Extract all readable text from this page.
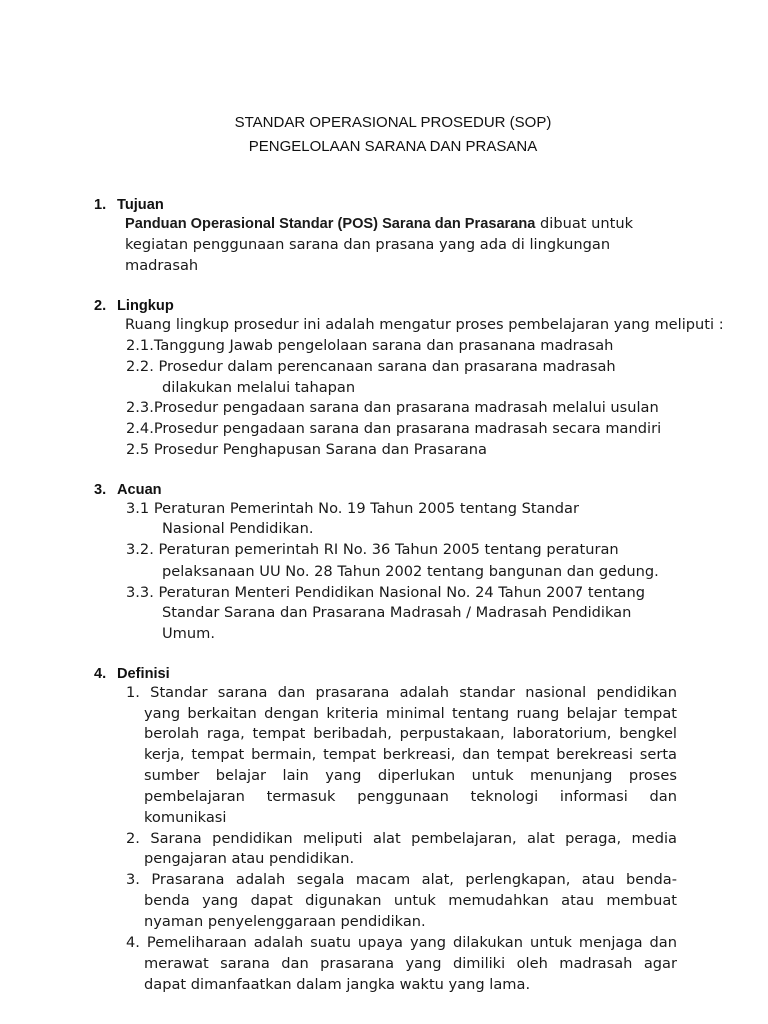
STANDAR OPERASIONAL PROSEDUR (SOP)
PENGELOLAAN SARANA DAN PRASANA
1. Tujuan
Panduan Operasional Standar (POS) Sarana dan Prasarana dibuat untuk
kegiatan penggunaan sarana dan prasana yang ada di lingkungan
madrasah
2. Lingkup
Ruang lingkup prosedur ini adalah mengatur proses pembelajaran yang meliputi :
2.1.Tanggung Jawab pengelolaan sarana dan prasanana madrasah
2.2. Prosedur dalam perencanaan sarana dan prasarana madrasah
dilakukan melalui tahapan
2.3.Prosedur pengadaan sarana dan prasarana madrasah melalui usulan
2.4.Prosedur pengadaan sarana dan prasarana madrasah secara mandiri
2.5 Prosedur Penghapusan Sarana dan Prasarana
3. Acuan
3.1 Peraturan Pemerintah No. 19 Tahun 2005 tentang Standar
Nasional Pendidikan.
3.2. Peraturan pemerintah RI No. 36 Tahun 2005 tentang peraturan
pelaksanaan UU No. 28 Tahun 2002 tentang bangunan dan gedung.
3.3. Peraturan Menteri Pendidikan Nasional No. 24 Tahun 2007 tentang
Standar Sarana dan Prasarana Madrasah / Madrasah Pendidikan
Umum.
4. Definisi
1. Standar sarana dan prasarana adalah standar nasional pendidikan
yang berkaitan dengan kriteria minimal tentang ruang belajar tempat
berolah raga, tempat beribadah, perpustakaan, laboratorium, bengkel
kerja, tempat bermain, tempat berkreasi, dan tempat berekreasi serta
sumber belajar lain yang diperlukan untuk menunjang proses
pembelajaran termasuk penggunaan teknologi informasi dan
komunikasi
2. Sarana pendidikan meliputi alat pembelajaran, alat peraga, media
pengajaran atau pendidikan.
3. Prasarana adalah segala macam alat, perlengkapan, atau benda-
benda yang dapat digunakan untuk memudahkan atau membuat
nyaman penyelenggaraan pendidikan.
4. Pemeliharaan adalah suatu upaya yang dilakukan untuk menjaga dan
merawat sarana dan prasarana yang dimiliki oleh madrasah agar
dapat dimanfaatkan dalam jangka waktu yang lama.
